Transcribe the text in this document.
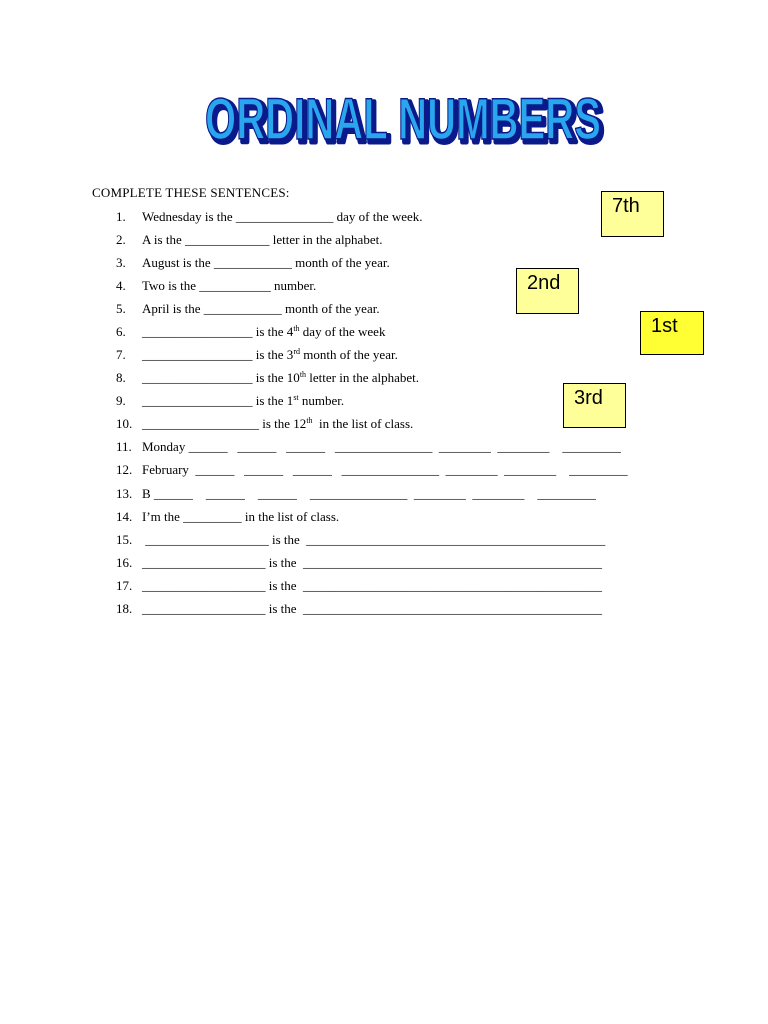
ORDINAL NUMBERS
ORDINAL NUMBERS
COMPLETE THESE SENTENCES:
1. Wednesday is the _______________ day of the week.
2. A is the _____________ letter in the alphabet.
3. August is the ____________ month of the year.
4. Two is the ___________ number.
5. April is the ____________ month of the year.
6. _________________ is the 4th day of the week
7. _________________ is the 3rd month of the year.
8. _________________ is the 10th letter in the alphabet.
9. _________________ is the 1st number.
10. __________________ is the 12th  in the list of class.
11. Monday ______   ______   ______   _______________  ________  ________    _________
12. February  ______   ______   ______   _______________  ________  ________    _________
13. B ______    ______    ______    _______________  ________  ________    _________
14. I’m the _________ in the list of class.
15. ___________________ is the  ______________________________________________
16. ___________________ is the  ______________________________________________
17. ___________________ is the  ______________________________________________
18. ___________________ is the  ______________________________________________
7th
2nd
1st
3rd
